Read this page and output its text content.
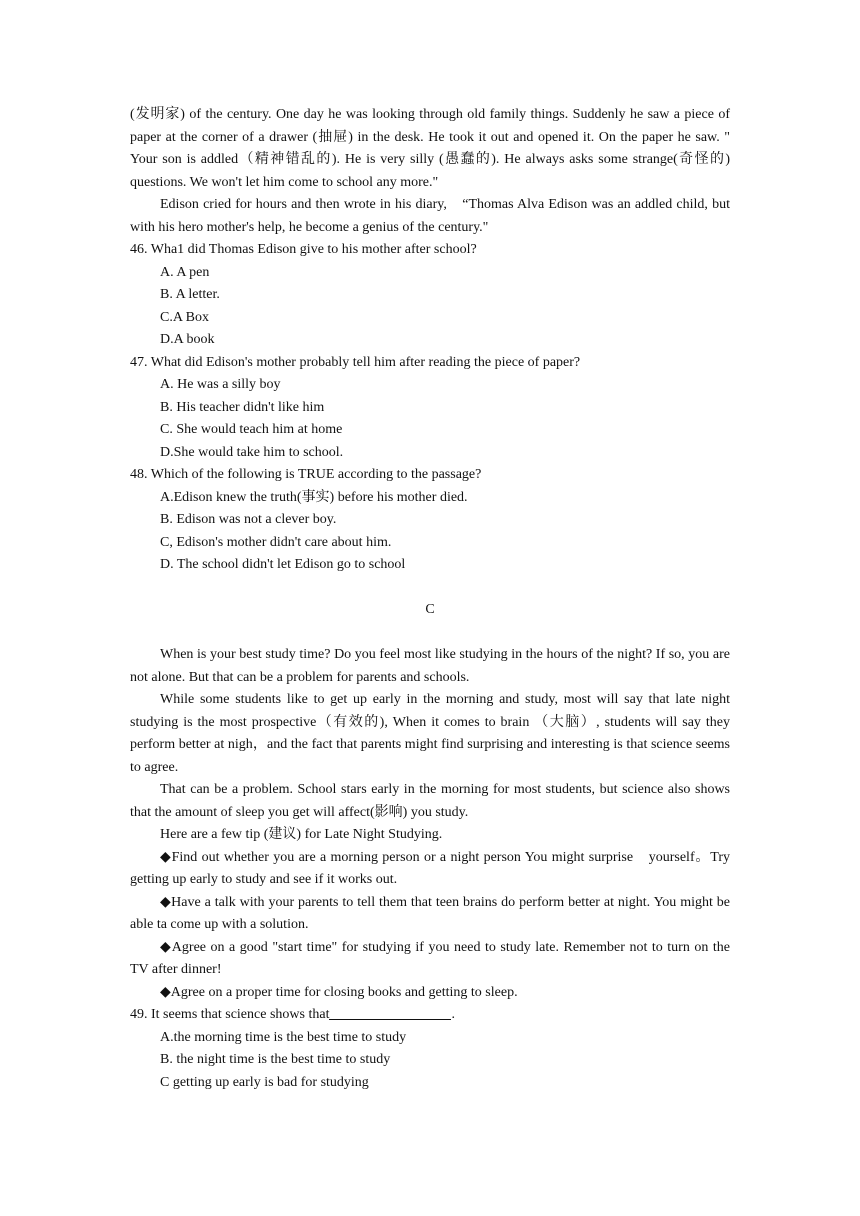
(发明家) of the century. One day he was looking through old family things. Suddenly he saw a piece of paper at the corner of a drawer (抽屉) in the desk. He took it out and opened it. On the paper he saw. " Your son is addled（精神错乱的). He is very silly (愚蠢的). He always asks some strange(奇怪的) questions. We won't let him come to school any more."

Edison cried for hours and then wrote in his diary,　“Thomas Alva Edison was an addled child, but with his hero mother's help, he become a genius of the century."

46. Wha1 did Thomas Edison give to his mother after school?

A. A pen

B. A letter.

C.A Box

D.A book

47. What did Edison's mother probably tell him after reading the piece of paper?

A. He was a silly boy

B. His teacher didn't like him

C. She would teach him at home

D.She would take him to school.

48. Which of the following is TRUE according to the passage?

A.Edison knew the truth(事实) before his mother died.

B. Edison was not a clever boy.

C, Edison's mother didn't care about him.

D. The school didn't let Edison go to school

C

When is your best study time? Do you feel most like studying in the hours of the night? If so, you are not alone. But that can be a problem for parents and schools.

While some students like to get up early in the morning and study, most will say that late night studying is the most prospective（有效的), When it comes to brain （大脑）, students will say they perform better at nigh，and the fact that parents might find surprising and interesting is that science seems to agree.

That can be a problem. School stars early in the morning for most students, but science also shows that the amount of sleep you get will affect(影响) you study.

Here are a few tip (建议) for Late Night Studying.

◆Find out whether you are a morning person or a night person You might surprise　yourself。Try getting up early to study and see if it works out.

◆Have a talk with your parents to tell them that teen brains do perform better at night. You might be able ta come up with a solution.

◆Agree on a good "start time" for studying if you need to study late. Remember not to turn on the TV after dinner!

◆Agree on a proper time for closing books and getting to sleep.

49. It seems that science shows that	.

A.the morning time is the best time to study

B. the night time is the best time to study

C getting up early is bad for studying
